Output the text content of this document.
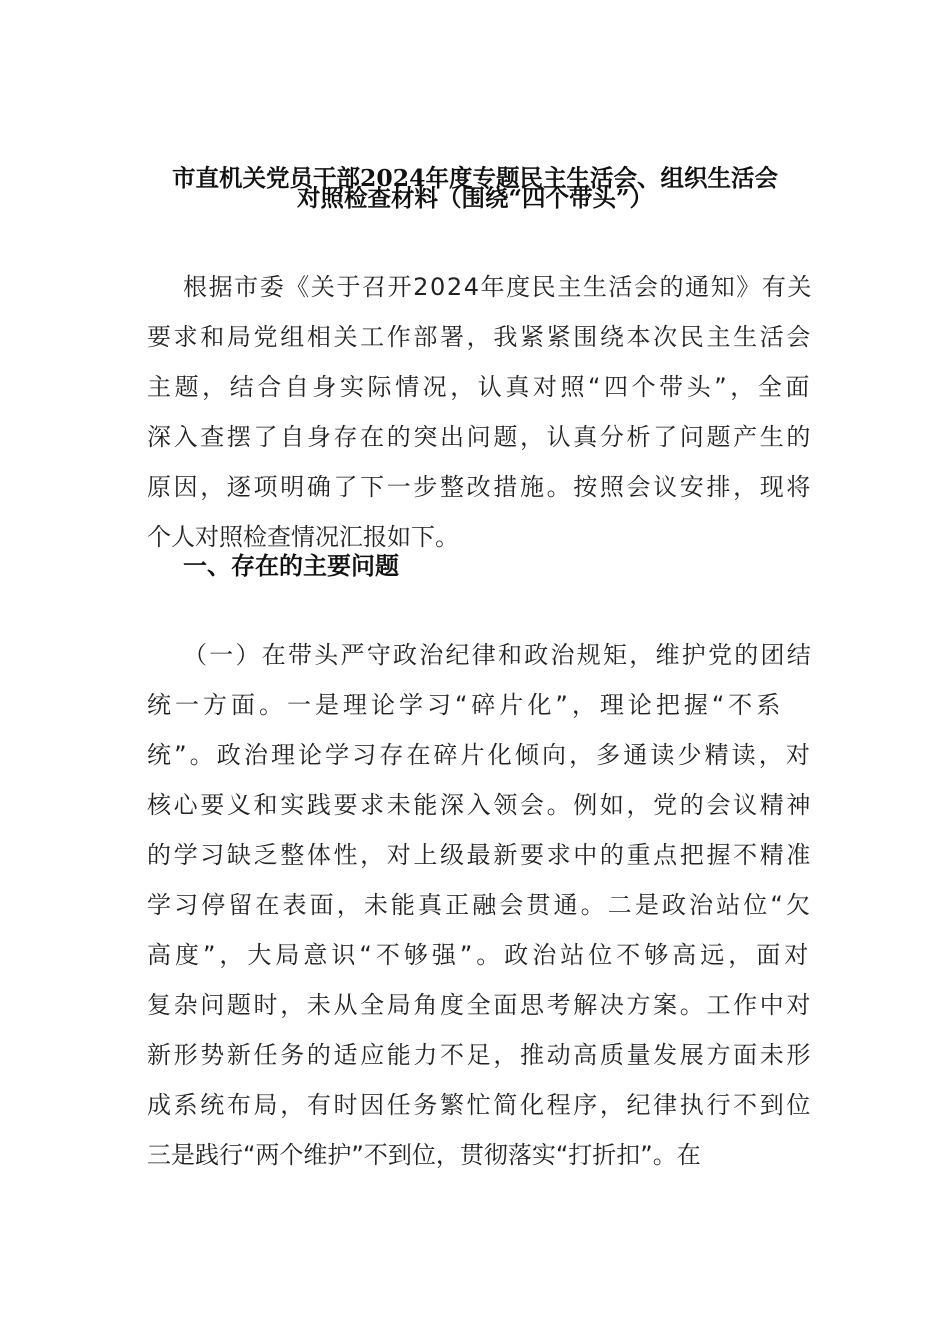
市直机关党员干部2024年度专题民主生活会、组织生活会
对照检查材料（围绕“四个带头”）
根据市委《关于召开2024年度民主生活会的通知》有关
要求和局党组相关工作部署，我紧紧围绕本次民主生活会
主题，结合自身实际情况，认真对照“四个带头”，全面
深入查摆了自身存在的突出问题，认真分析了问题产生的
原因，逐项明确了下一步整改措施。按照会议安排，现将
个人对照检查情况汇报如下。
一、存在的主要问题
（一）在带头严守政治纪律和政治规矩，维护党的团结
统一方面。一是理论学习“碎片化”，理论把握“不系
统”。政治理论学习存在碎片化倾向，多通读少精读，对
核心要义和实践要求未能深入领会。例如，党的会议精神
的学习缺乏整体性，对上级最新要求中的重点把握不精准
学习停留在表面，未能真正融会贯通。二是政治站位“欠
高度”，大局意识“不够强”。政治站位不够高远，面对
复杂问题时，未从全局角度全面思考解决方案。工作中对
新形势新任务的适应能力不足，推动高质量发展方面未形
成系统布局，有时因任务繁忙简化程序，纪律执行不到位
三是践行“两个维护”不到位，贯彻落实“打折扣”。在
